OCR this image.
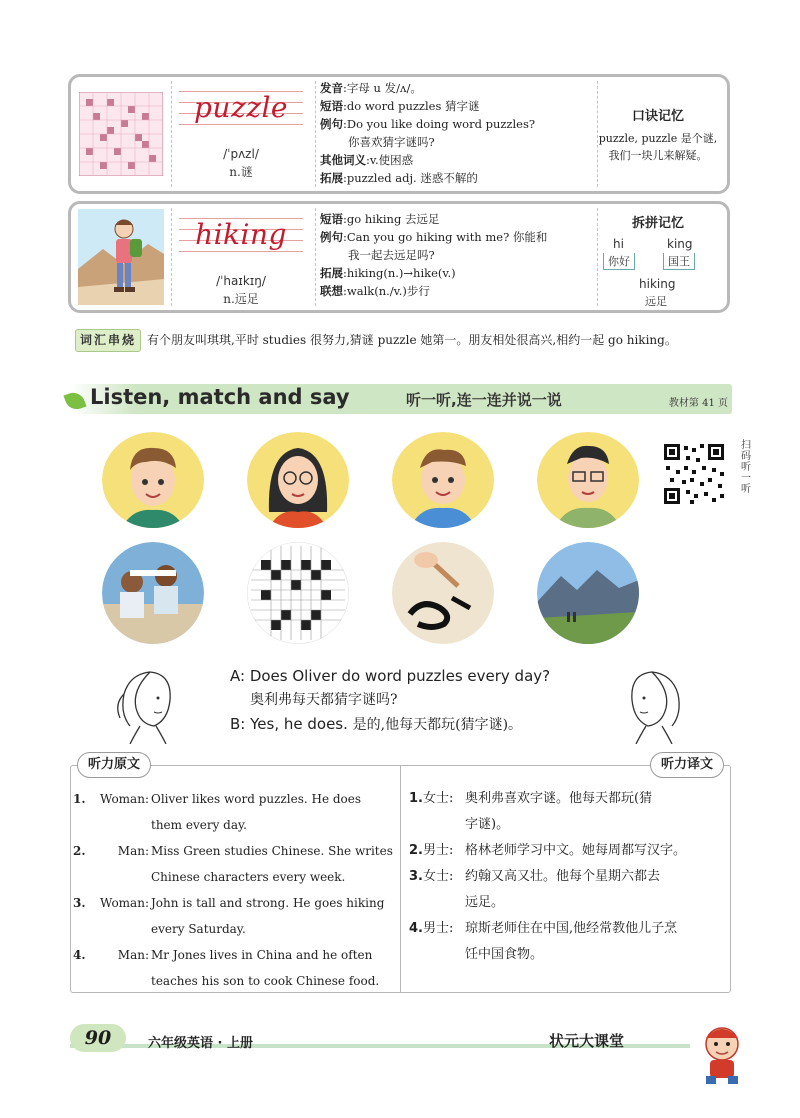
puzzle
/ˈpʌzl/
n.谜
发音:字母 u 发/ʌ/。
短语:do word puzzles 猜字谜
例句:Do you like doing word puzzles?
你喜欢猜字谜吗?
其他词义:v.使困惑
拓展:puzzled adj. 迷惑不解的
口诀记忆
puzzle, puzzle 是个谜,
我们一块儿来解疑。
hiking
/ˈhaɪkɪŋ/
n.远足
短语:go hiking 去远足
例句:Can you go hiking with me? 你能和
我一起去远足吗?
拓展:hiking(n.)→hike(v.)
联想:walk(n./v.)步行
拆拼记忆
hi	king
你好	国王
hiking
远足
词汇串烧 有个朋友叫琪琪,平时 studies 很努力,猜谜 puzzle 她第一。朋友相处很高兴,相约一起 go hiking。
Listen, match and say	听一听,连一连并说一说	教材第 41 页
扫码听一听
A: Does Oliver do word puzzles every day?
奥利弗每天都猜字谜吗?
B: Yes, he does. 是的,他每天都玩(猜字谜)。
听力原文	听力译文
1.	Woman: Oliver likes word puzzles. He does
them every day.
2.	Man: Miss Green studies Chinese. She writes
Chinese characters every week.
3.	Woman: John is tall and strong. He goes hiking
every Saturday.
4.	Man: Mr Jones lives in China and he often
teaches his son to cook Chinese food.
1. 女士: 奥利弗喜欢字谜。他每天都玩(猜
字谜)。
2. 男士: 格林老师学习中文。她每周都写汉字。

3. 女士: 约翰又高又壮。他每个星期六都去
远足。
4. 男士: 琼斯老师住在中国,他经常教他儿子烹
饪中国食物。
90	六年级英语 · 上册	状元大课堂
